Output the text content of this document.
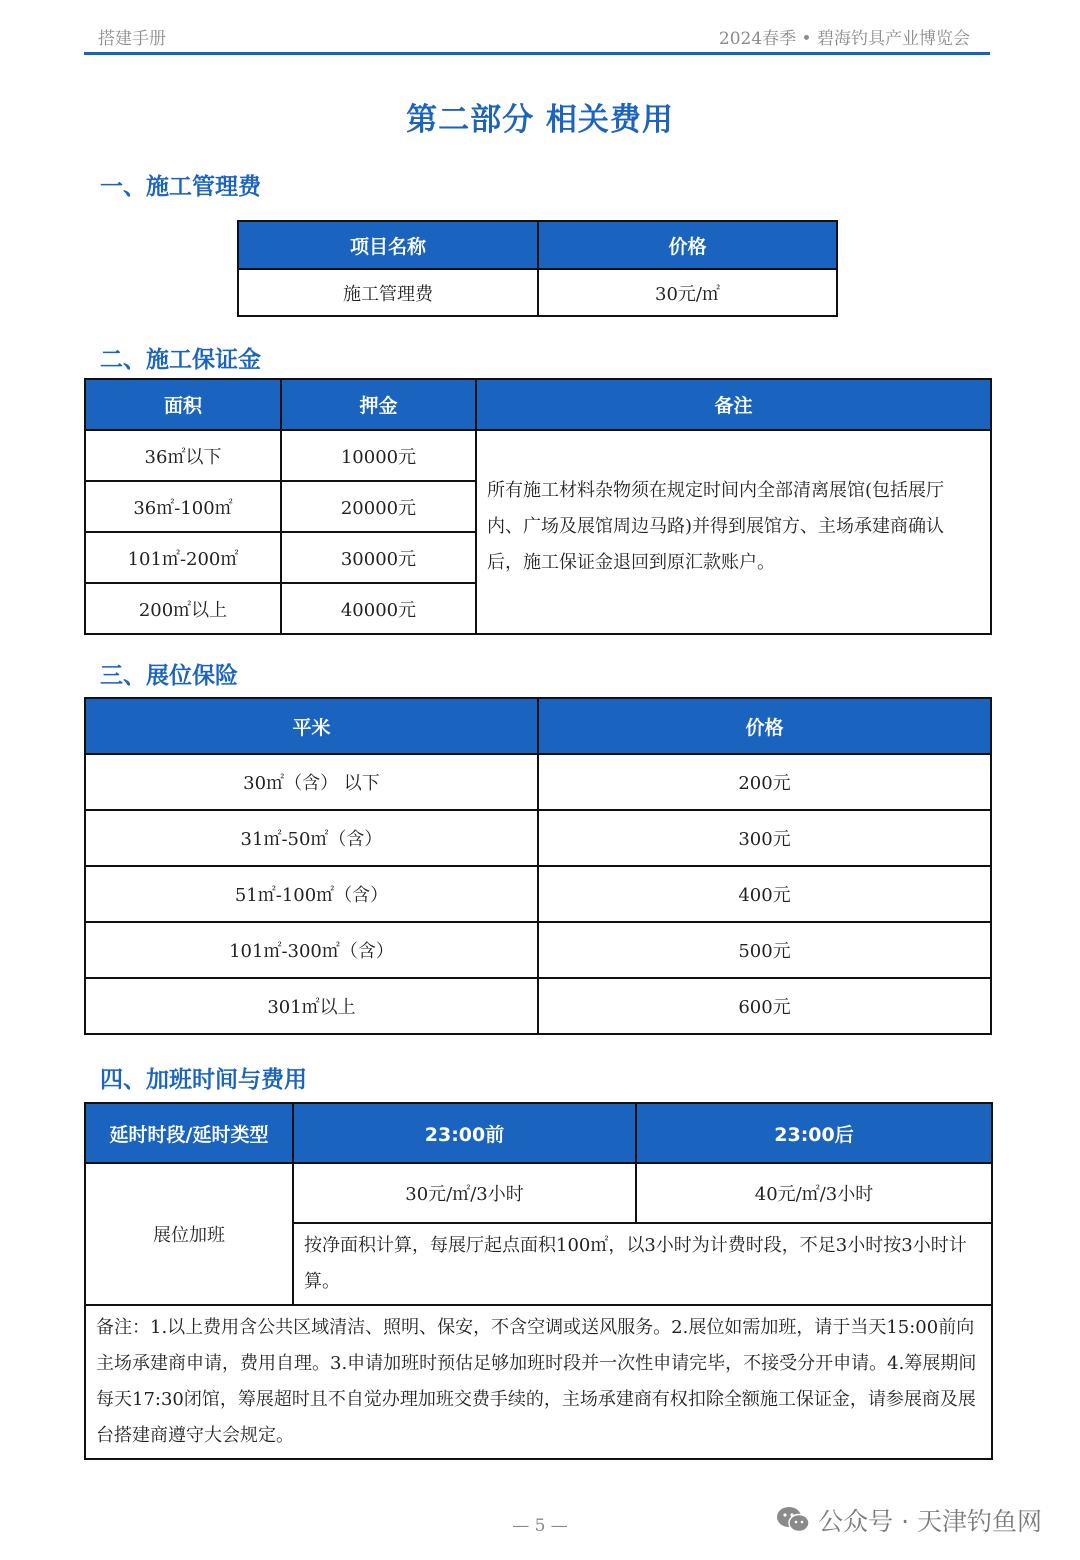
搭建手册	2024春季 • 碧海钓具产业博览会
第二部分 相关费用
一、施工管理费
项目名称	价格
施工管理费	30元/㎡
二、施工保证金
面积	押金	备注
36㎡以下	10000元	所有施工材料杂物须在规定时间内全部清离展馆(包括展厅内、广场及展馆周边马路)并得到展馆方、主场承建商确认后，施工保证金退回到原汇款账户。
36㎡-100㎡	20000元	
101㎡-200㎡	30000元	
200㎡以上	40000元	
三、展位保险
平米	价格
30㎡（含） 以下	200元
31㎡-50㎡（含）	300元
51㎡-100㎡（含）	400元
101㎡-300㎡（含）	500元
301㎡以上	600元
四、加班时间与费用
延时时段/延时类型	23:00前	23:00后
展位加班	30元/㎡/3小时	40元/㎡/3小时
	按净面积计算，每展厅起点面积100㎡，以3小时为计费时段，不足3小时按3小时计算。	
备注：1.以上费用含公共区域清洁、照明、保安，不含空调或送风服务。2.展位如需加班，请于当天15:00前向主场承建商申请，费用自理。3.申请加班时预估足够加班时段并一次性申请完毕，不接受分开申请。4.筹展期间每天17:30闭馆，筹展超时且不自觉办理加班交费手续的，主场承建商有权扣除全额施工保证金，请参展商及展台搭建商遵守大会规定。		
— 5 —	公众号 · 天津钓鱼网
